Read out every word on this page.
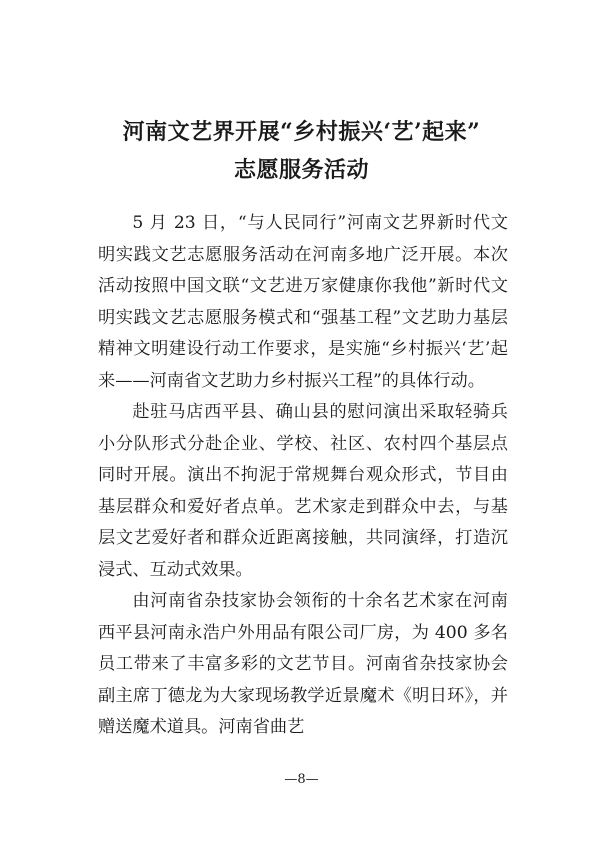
河南文艺界开展“乡村振兴‘艺’起来”
志愿服务活动

5 月 23 日，“与人民同行”河南文艺界新时代文明实践文艺志愿服务活动在河南多地广泛开展。本次活动按照中国文联“文艺进万家健康你我他”新时代文明实践文艺志愿服务模式和“强基工程”文艺助力基层精神文明建设行动工作要求，是实施“乡村振兴‘艺’起来——河南省文艺助力乡村振兴工程”的具体行动。

赴驻马店西平县、确山县的慰问演出采取轻骑兵小分队形式分赴企业、学校、社区、农村四个基层点同时开展。演出不拘泥于常规舞台观众形式，节目由基层群众和爱好者点单。艺术家走到群众中去，与基层文艺爱好者和群众近距离接触，共同演绎，打造沉浸式、互动式效果。

由河南省杂技家协会领衔的十余名艺术家在河南西平县河南永浩户外用品有限公司厂房，为 400 多名员工带来了丰富多彩的文艺节目。河南省杂技家协会副主席丁德龙为大家现场教学近景魔术《明日环》，并赠送魔术道具。河南省曲艺

—8—
